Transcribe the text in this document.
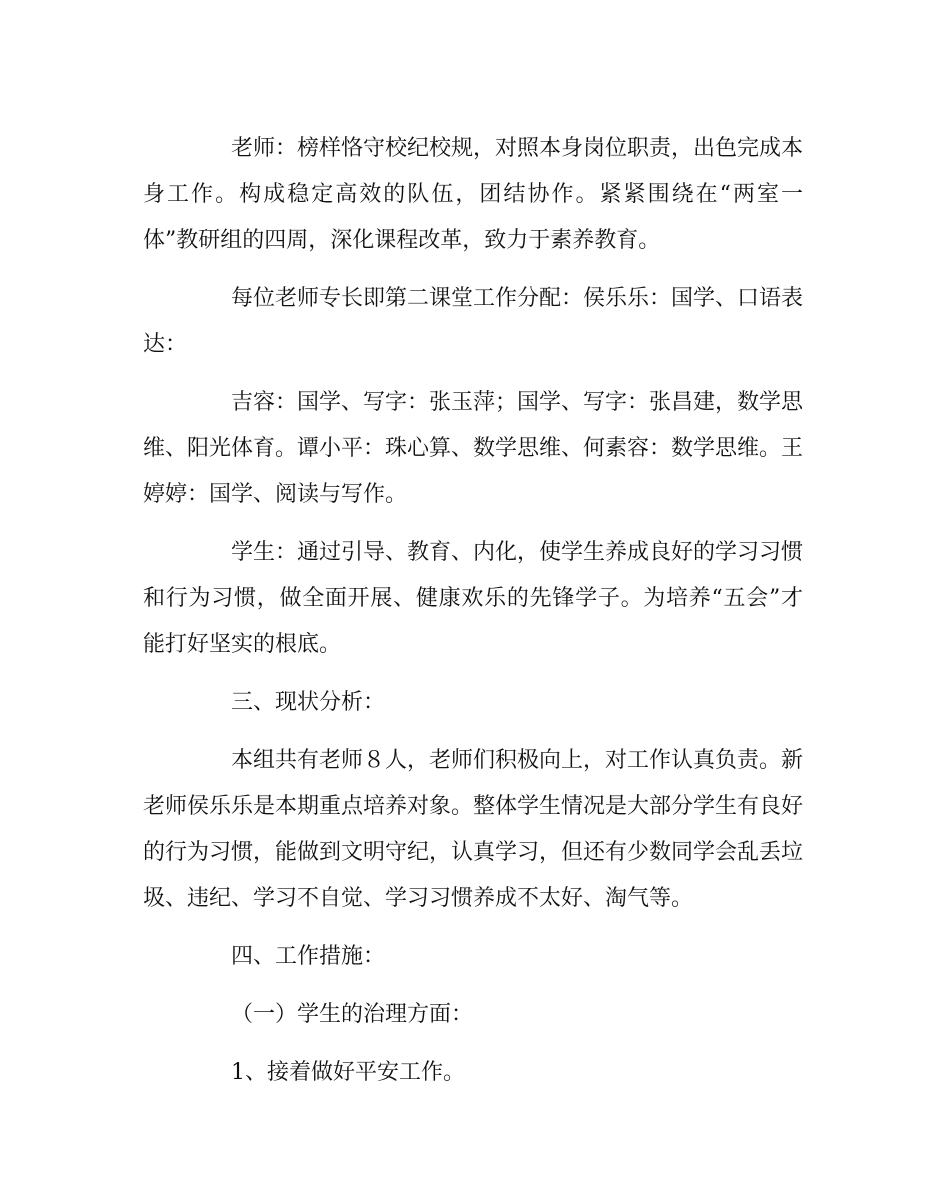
老师：榜样恪守校纪校规，对照本身岗位职责，出色完成本身工作。构成稳定高效的队伍，团结协作。紧紧围绕在“两室一体”教研组的四周，深化课程改革，致力于素养教育。

每位老师专长即第二课堂工作分配：侯乐乐：国学、口语表达：

吉容：国学、写字：张玉萍；国学、写字：张昌建，数学思维、阳光体育。谭小平：珠心算、数学思维、何素容：数学思维。王婷婷：国学、阅读与写作。

学生：通过引导、教育、内化，使学生养成良好的学习习惯和行为习惯，做全面开展、健康欢乐的先锋学子。为培养“五会”才能打好坚实的根底。

三、现状分析：

本组共有老师８人，老师们积极向上，对工作认真负责。新老师侯乐乐是本期重点培养对象。整体学生情况是大部分学生有良好的行为习惯，能做到文明守纪，认真学习，但还有少数同学会乱丢垃圾、违纪、学习不自觉、学习习惯养成不太好、淘气等。

四、工作措施：

（一）学生的治理方面：

1、接着做好平安工作。
